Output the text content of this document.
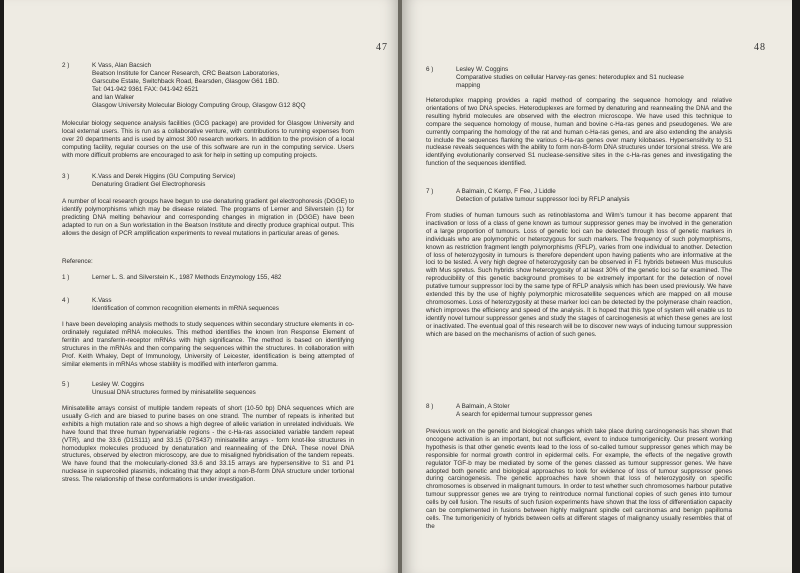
47
2 )	K Vass, Alan Bacsich
Beatson Institute for Cancer Research, CRC Beatson Laboratories,
Garscube Estate, Switchback Road, Bearsden, Glasgow G61 1BD.
Tel: 041-942 9361 FAX: 041-942 6521
and Ian Walker
Glasgow University Molecular Biology Computing Group, Glasgow G12 8QQ
Molecular biology sequence analysis facilities (GCG package) are provided for Glasgow University and local external users. This is run as a collaborative venture, with contributions to running expenses from over 20 departments and is used by almost 300 research workers. In addition to the provision of a local computing facility, regular courses on the use of this software are run in the computing service. Users with more difficult problems are encouraged to ask for help in setting up computing projects.
3 )	K.Vass and Derek Higgins (GU Computing Service)
Denaturing Gradient Gel Electrophoresis
A number of local research groups have begun to use denaturing gradient gel electrophoresis (DGGE) to identify polymorphisms which may be disease related. The programs of Lerner and Silverstein (1) for predicting DNA melting behaviour and corresponding changes in migration in (DGGE) have been adapted to run on a Sun workstation in the Beatson Institute and directly produce graphical output. This allows the design of PCR amplification experiments to reveal mutations in particular areas of genes.
Reference:
1 )	Lerner L. S. and Silverstein K., 1987 Methods Enzymology 155, 482
4 )	K.Vass
Identification of common recognition elements in mRNA sequences
I have been developing analysis methods to study sequences within secondary structure elements in co-ordinately regulated mRNA molecules. This method identifies the known Iron Response Element of ferritin and transferrin-receptor mRNAs with high significance. The method is based on identifying structures in the mRNAs and then comparing the sequences within the structures. In collaboration with Prof. Keith Whaley, Dept of Immunology, University of Leicester, identification is being attempted of similar elements in mRNAs whose stability is modified with interferon gamma.
5 )	Lesley W. Coggins
Unusual DNA structures formed by minisatellite sequences
Minisatellite arrays consist of multiple tandem repeats of short (10-50 bp) DNA sequences which are usually G-rich and are biased to purine bases on one strand. The number of repeats is inherited but exhibits a high mutation rate and so shows a high degree of allelic variation in unrelated individuals. We have found that three human hypervariable regions - the c-Ha-ras associated variable tandem repeat (VTR), and the 33.6 (D1S111) and 33.15 (D7S437) minisatellite arrays - form knot-like structures in homoduplex molecules produced by denaturation and reannealing of the DNA. These novel DNA structures, observed by electron microscopy, are due to misaligned hybridisation of the tandem repeats. We have found that the molecularly-cloned 33.6 and 33.15 arrays are hypersensitive to S1 and P1 nuclease in supercoiled plasmids, indicating that they adopt a non-B-form DNA structure under tortional stress. The relationship of these conformations is under investigation.
48
6 )	Lesley W. Coggins
Comparative studies on cellular Harvey-ras genes: heteroduplex and S1 nuclease
mapping
Heteroduplex mapping provides a rapid method of comparing the sequence homology and relative orientations of two DNA species. Heteroduplexes are formed by denaturing and reannealing the DNA and the resulting hybrid molecules are observed with the electron microscope. We have used this technique to compare the sequence homology of mouse, human and bovine c-Ha-ras genes and pseudogenes. We are currently comparing the homology of the rat and human c-Ha-ras genes, and are also extending the analysis to include the sequences flanking the various c-Ha-ras genes over many kilobases. Hypersensitivity to S1 nuclease reveals sequences with the ability to form non-B-form DNA structures under torsional stress. We are identifying evolutionarily conserved S1 nuclease-sensitive sites in the c-Ha-ras genes and investigating the function of the sequences identified.
7 )	A Balmain, C Kemp, F Fee, J Liddle
Detection of putative tumour suppressor loci by RFLP analysis
From studies of human tumours such as retinoblastoma and Wilm's tumour it has become apparent that inactivation or loss of a class of gene known as tumour suppressor genes may be involved in the generation of a large proportion of tumours. Loss of genetic loci can be detected through loss of genetic markers in individuals who are polymorphic or heterozygous for such markers. The frequency of such polymorphisms, known as restriction fragment length polymorphisms (RFLP), varies from one individual to another. Detection of loss of heterozygosity in tumours is therefore dependent upon having patients who are informative at the loci to be tested. A very high degree of heterozygosity can be observed in F1 hybrids between Mus musculus with Mus spretus. Such hybrids show heterozygosity of at least 30% of the genetic loci so far examined. The reproducibility of this genetic background promises to be extremely important for the detection of novel putative tumour suppressor loci by the same type of RFLP analysis which has been used previously. We have extended this by the use of highly polymorphic microsatellite sequences which are mapped on all mouse chromosomes. Loss of heterozygosity at these marker loci can be detected by the polymerase chain reaction, which improves the efficiency and speed of the analysis. It is hoped that this type of system will enable us to identify novel tumour suppressor genes and study the stages of carcinogenesis at which these genes are lost or inactivated. The eventual goal of this research will be to discover new ways of inducing tumour suppression which are based on the mechanisms of action of such genes.
8 )	A Balmain, A Stoler
A search for epidermal tumour suppressor genes
Previous work on the genetic and biological changes which take place during carcinogenesis has shown that oncogene activation is an important, but not sufficient, event to induce tumorigenicity. Our present working hypothesis is that other genetic events lead to the loss of so-called tumour suppressor genes which may be responsible for normal growth control in epidermal cells. For example, the effects of the negative growth regulator TGF-b may be mediated by some of the genes classed as tumour suppressor genes. We have adopted both genetic and biological approaches to look for evidence of loss of tumour suppressor genes during carcinogenesis. The genetic approaches have shown that loss of heterozygosity on specific chromosomes is observed in malignant tumours. In order to test whether such chromosomes harbour putative tumour suppressor genes we are trying to reintroduce normal functional copies of such genes into tumour cells by cell fusion. The results of such fusion experiments have shown that the loss of differentiation capacity can be complemented in fusions between highly malignant spindle cell carcinomas and benign papilloma cells. The tumorigenicity of hybrids between cells at different stages of malignancy usually resembles that of the
